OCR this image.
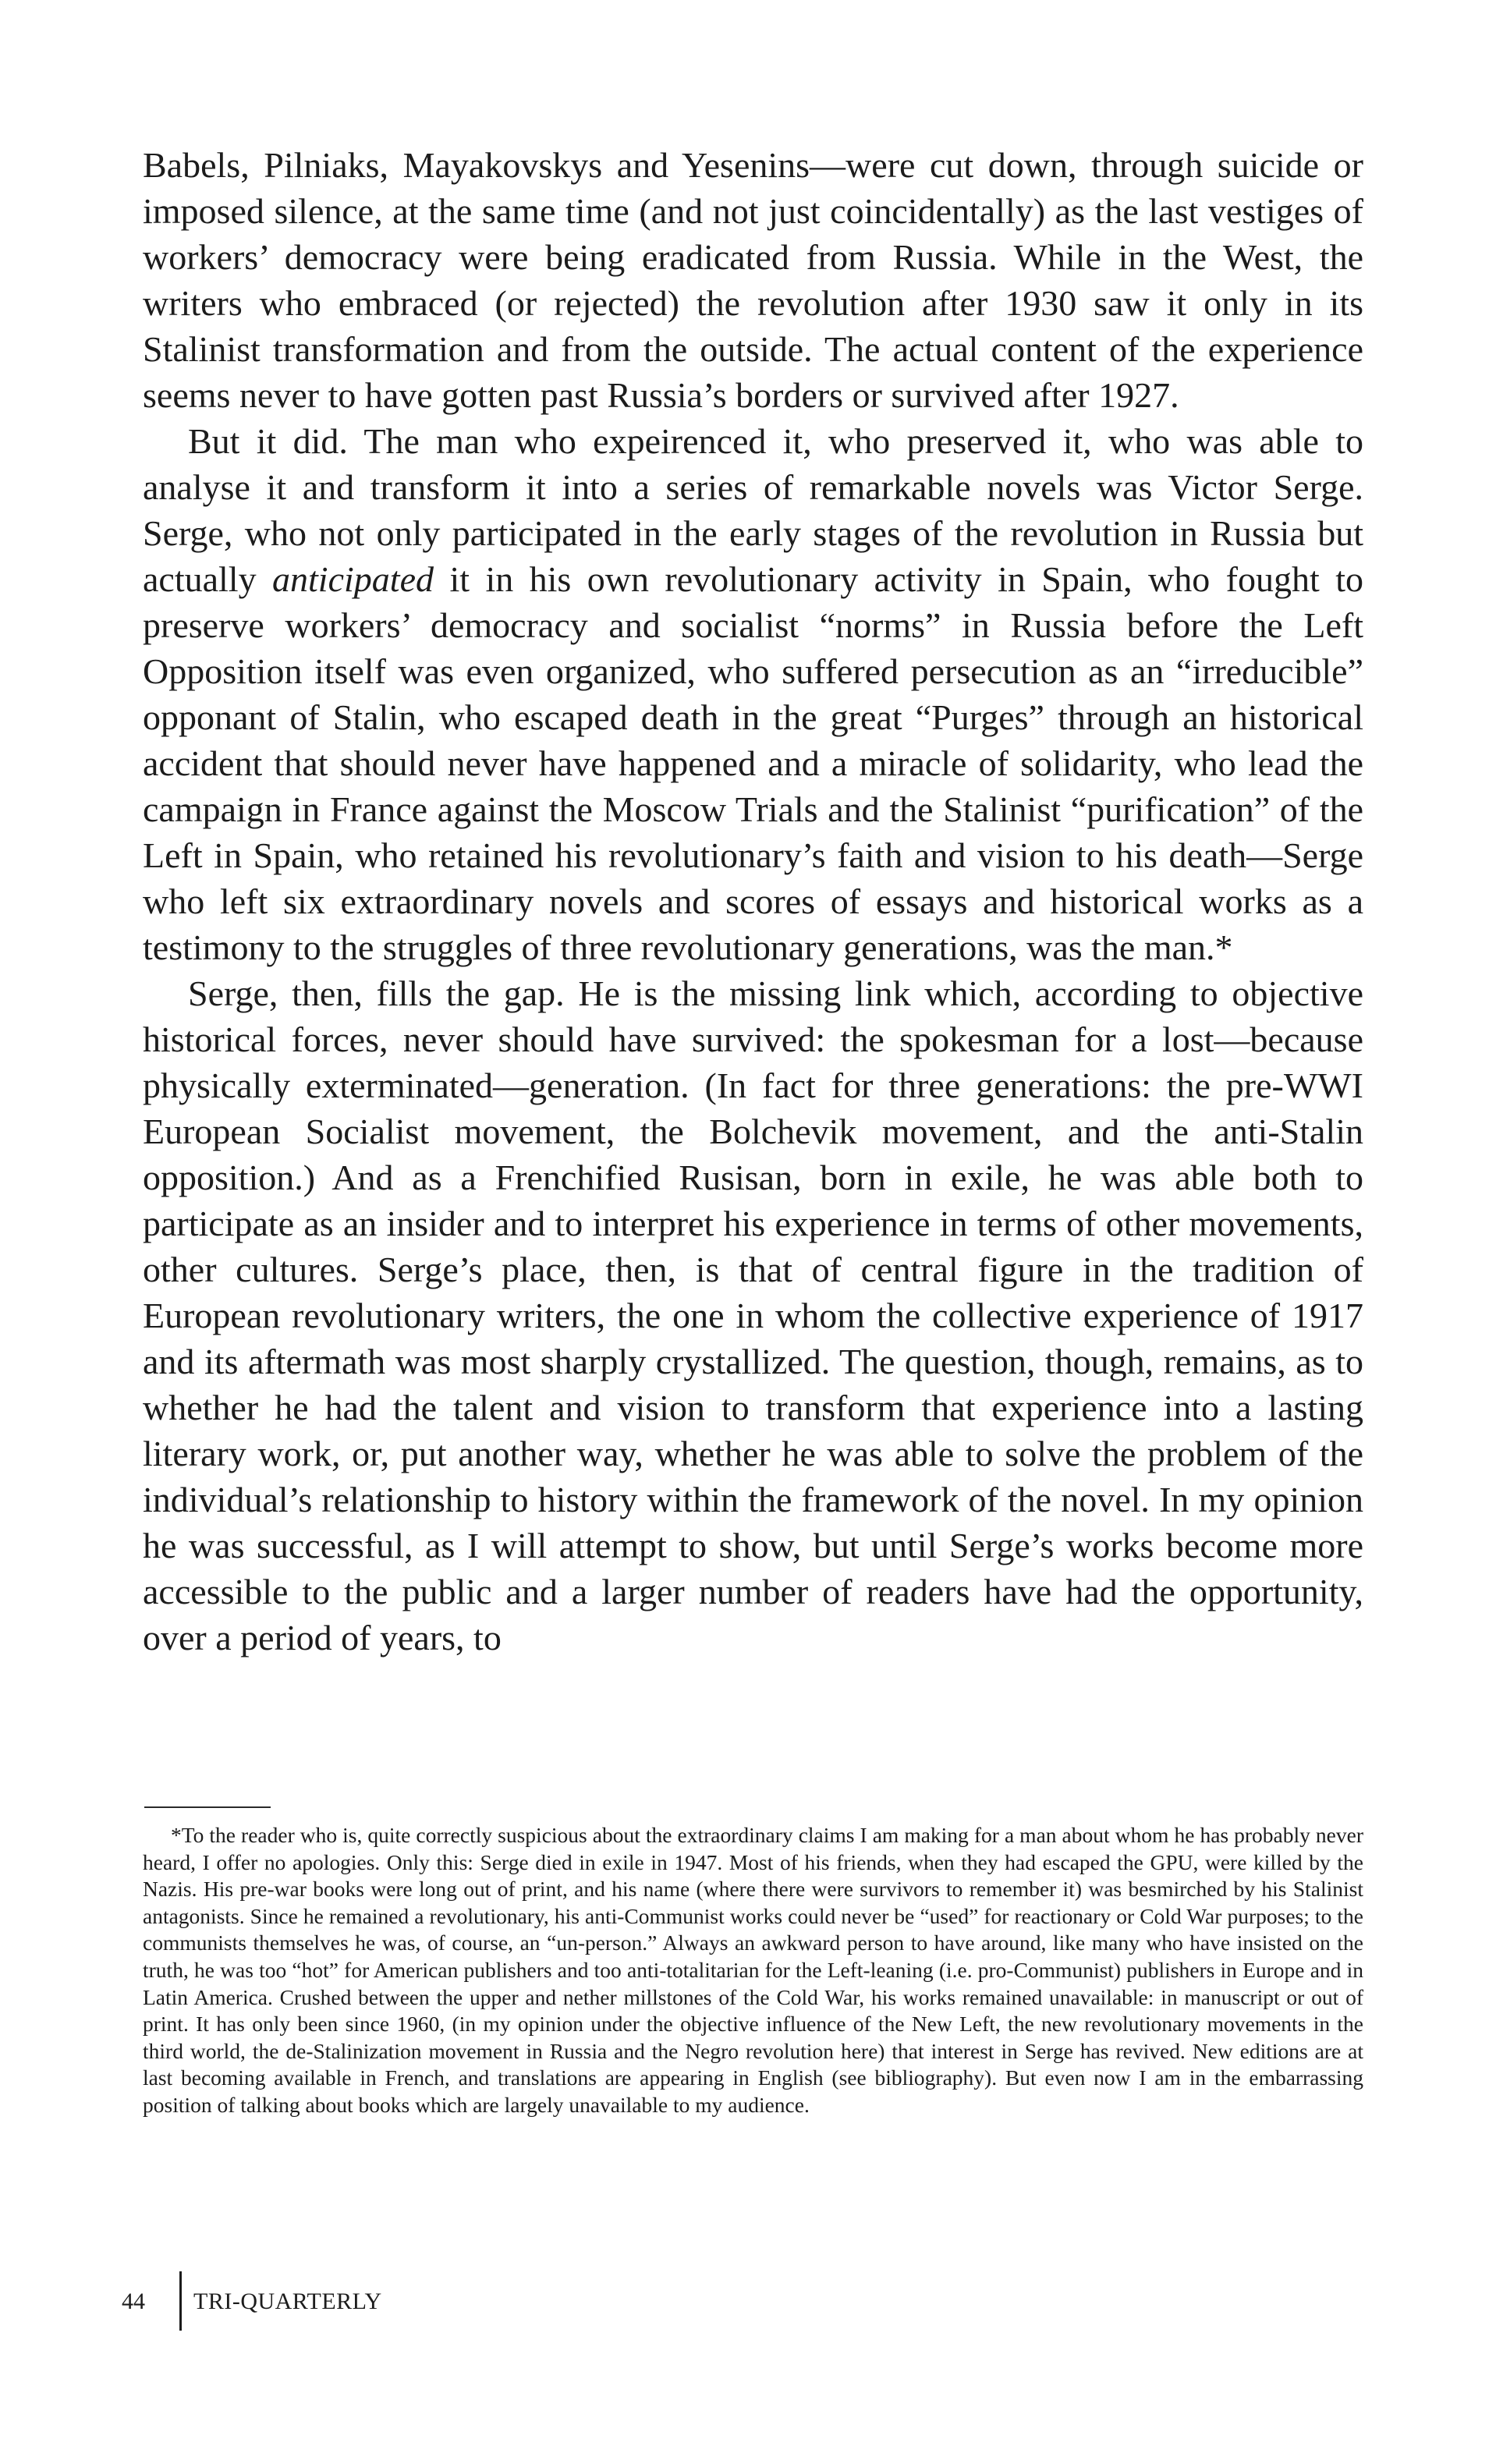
Babels, Pilniaks, Mayakovskys and Yesenins—were cut down, through suicide or imposed silence, at the same time (and not just coincidentally) as the last vestiges of workers’ democracy were being eradicated from Russia. While in the West, the writers who embraced (or rejected) the revolution after 1930 saw it only in its Stalinist transformation and from the outside. The actual content of the experience seems never to have gotten past Russia’s borders or survived after 1927.

But it did. The man who expeirenced it, who preserved it, who was able to analyse it and transform it into a series of remarkable novels was Victor Serge. Serge, who not only participated in the early stages of the revolution in Russia but actually anticipated it in his own revolutionary activity in Spain, who fought to preserve workers’ democracy and socialist “norms” in Russia before the Left Opposition itself was even organized, who suffered persecution as an “irreducible” opponant of Stalin, who escaped death in the great “Purges” through an historical accident that should never have happened and a miracle of solidarity, who lead the campaign in France against the Moscow Trials and the Stalinist “purification” of the Left in Spain, who retained his revolutionary’s faith and vision to his death—Serge who left six extraordinary novels and scores of essays and historical works as a testimony to the struggles of three revolutionary generations, was the man.*

Serge, then, fills the gap. He is the missing link which, according to objective historical forces, never should have survived: the spokesman for a lost—because physically exterminated—generation. (In fact for three generations: the pre-WWI European Socialist movement, the Bolchevik movement, and the anti-Stalin opposition.) And as a Frenchified Rusisan, born in exile, he was able both to participate as an insider and to interpret his experience in terms of other movements, other cultures. Serge’s place, then, is that of central figure in the tradition of European revolutionary writers, the one in whom the collective experience of 1917 and its aftermath was most sharply crystallized. The question, though, remains, as to whether he had the talent and vision to transform that experience into a lasting literary work, or, put another way, whether he was able to solve the problem of the individual’s relationship to history within the framework of the novel. In my opinion he was successful, as I will attempt to show, but until Serge’s works become more accessible to the public and a larger number of readers have had the opportunity, over a period of years, to

*To the reader who is, quite correctly suspicious about the extraordinary claims I am making for a man about whom he has probably never heard, I offer no apologies. Only this: Serge died in exile in 1947. Most of his friends, when they had escaped the GPU, were killed by the Nazis. His pre-war books were long out of print, and his name (where there were survivors to remember it) was besmirched by his Stalinist antagonists. Since he remained a revolutionary, his anti-Communist works could never be “used” for reactionary or Cold War purposes; to the communists themselves he was, of course, an “un-person.” Always an awkward person to have around, like many who have insisted on the truth, he was too “hot” for American publishers and too anti-totalitarian for the Left-leaning (i.e. pro-Communist) publishers in Europe and in Latin America. Crushed between the upper and nether millstones of the Cold War, his works remained unavailable: in manuscript or out of print. It has only been since 1960, (in my opinion under the objective influence of the New Left, the new revolutionary movements in the third world, the de-Stalinization movement in Russia and the Negro revolution here) that interest in Serge has revived. New editions are at last becoming available in French, and translations are appearing in English (see bibliography). But even now I am in the embarrassing position of talking about books which are largely unavailable to my audience.

44 TRI-QUARTERLY
